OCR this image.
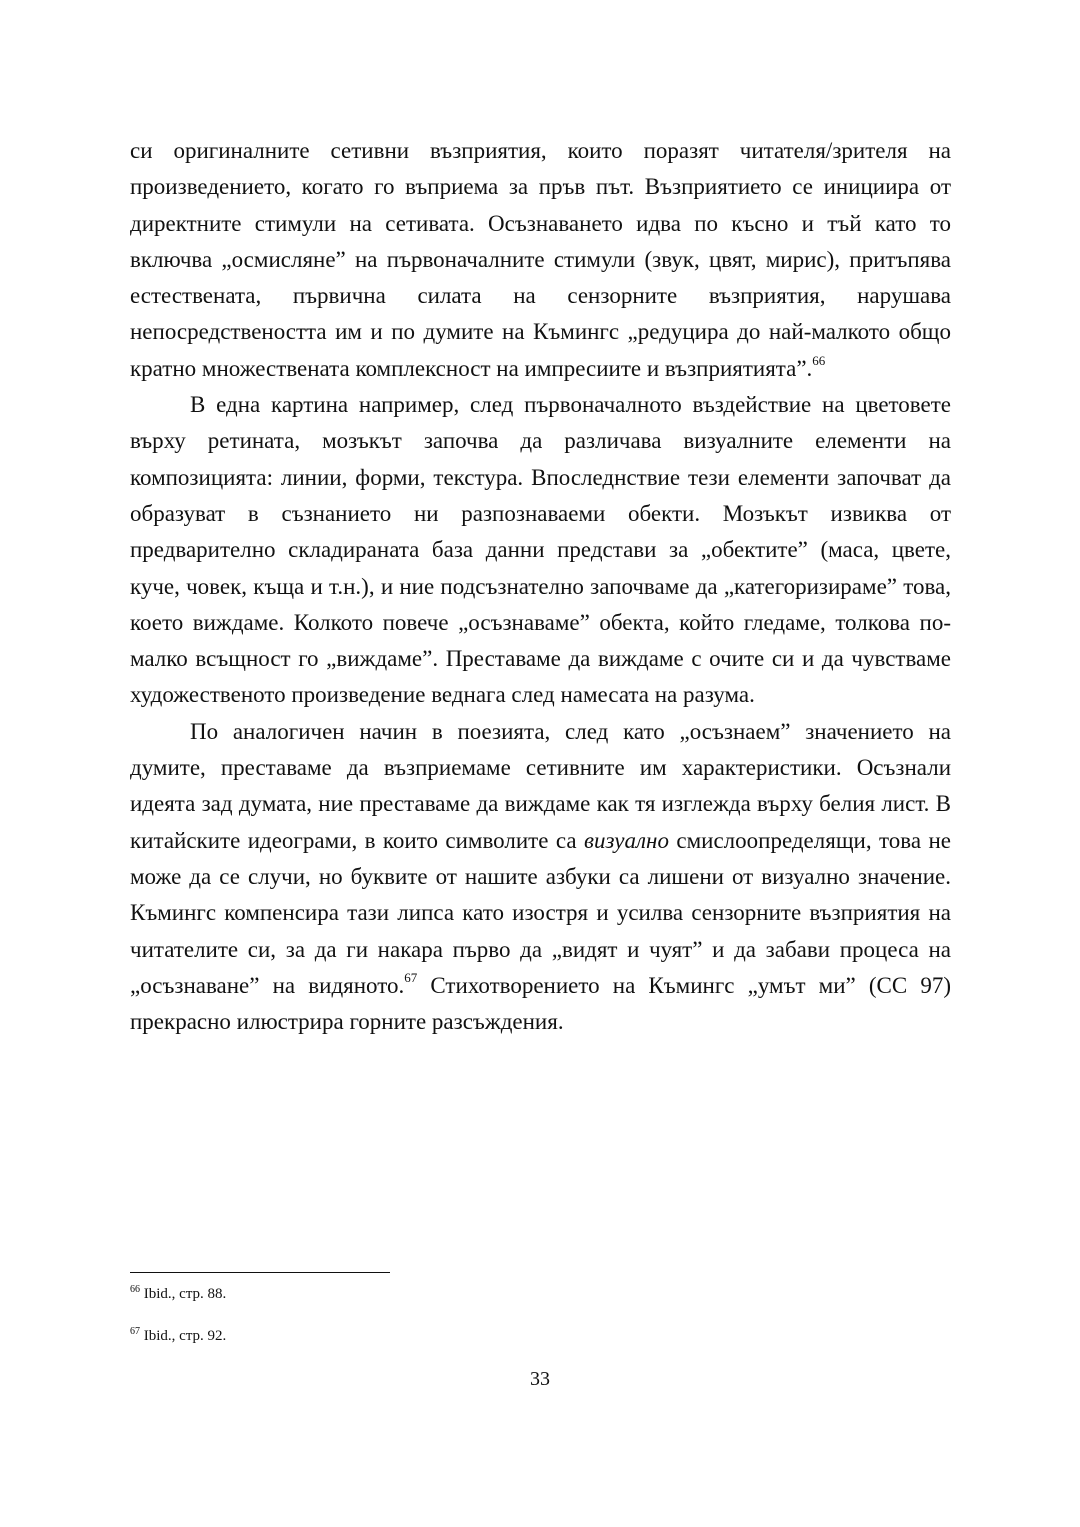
си оригиналните сетивни възприятия, които поразят читателя/зрителя на произведението, когато го въприема за пръв път. Възприятието се инициира от директните стимули на сетивата. Осъзнаването идва по късно и тъй като то включва „осмисляне” на първоначалните стимули (звук, цвят, мирис), притъпява естествената, първична силата на сензорните възприятия, нарушава непосредствеността им и по думите на Къмингс „редуцира до най-малкото общо кратно множествената комплексност на импресиите и възприятията”.$^{66}$

В една картина например, след първоначалното въздействие на цветовете върху ретината, мозъкът започва да различава визуалните елементи на композицията: линии, форми, текстура. Впоследнствие тези елементи започват да образуват в съзнанието ни разпознаваеми обекти. Мозъкът извиква от предварително складираната база данни представи за „обектите” (маса, цвете, куче, човек, къща и т.н.), и ние подсъзнателно започваме да „категоризираме” това, което виждаме. Колкото повече „осъзнаваме” обекта, който гледаме, толкова по-малко всъщност го „виждаме”. Преставаме да виждаме с очите си и да чувстваме художественото произведение веднага след намесата на разума.

По аналогичен начин в поезията, след като „осъзнаем” значението на думите, преставаме да възприемаме сетивните им характеристики. Осъзнали идеята зад думата, ние преставаме да виждаме как тя изглежда върху белия лист. В китайските идеограми, в които символите са визуално смислоопределящи, това не може да се случи, но буквите от нашите азбуки са лишени от визуално значение. Къмингс компенсира тази липса като изостря и усилва сензорните възприятия на читателите си, за да ги накара първо да „видят и чуят” и да забави процеса на „осъзнаване” на видяното.$^{67}$ Стихотворението на Къмингс „умът ми” (CC 97) прекрасно илюстрира горните разсъждения.

$^{66}$ Ibid., стр. 88.

$^{67}$ Ibid., стр. 92.

33
